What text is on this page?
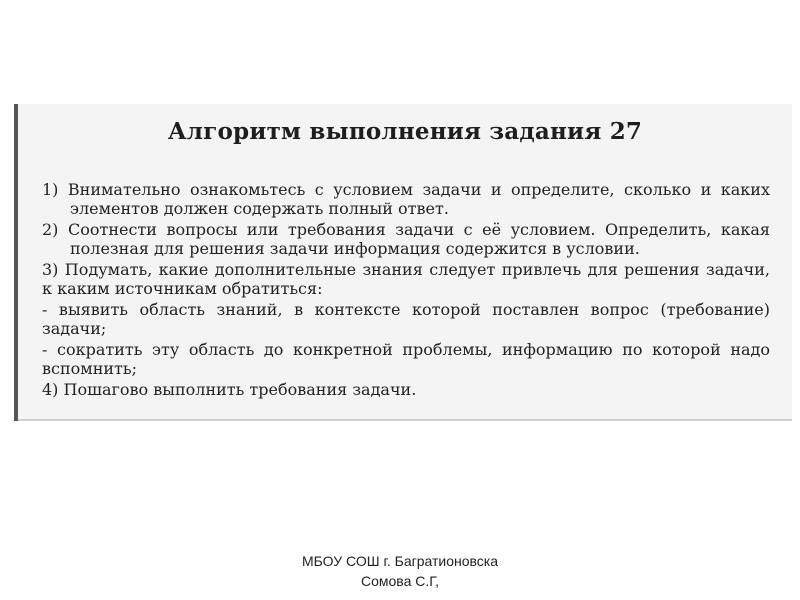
Алгоритм выполнения задания 27

1) Внимательно ознакомьтесь с условием задачи и определите, сколько и каких элементов должен содержать полный ответ.

2) Соотнести вопросы или требования задачи с её условием. Определить, какая полезная для решения задачи информация содержится в условии.

3) Подумать, какие дополнительные знания следует привлечь для решения задачи, к каким источникам обратиться:

- выявить область знаний, в контексте которой поставлен вопрос (требование) задачи;

- сократить эту область до конкретной проблемы, информацию по которой надо вспомнить;

4) Пошагово выполнить требования задачи.

МБОУ СОШ г. Багратионовска
Сомова С.Г,
